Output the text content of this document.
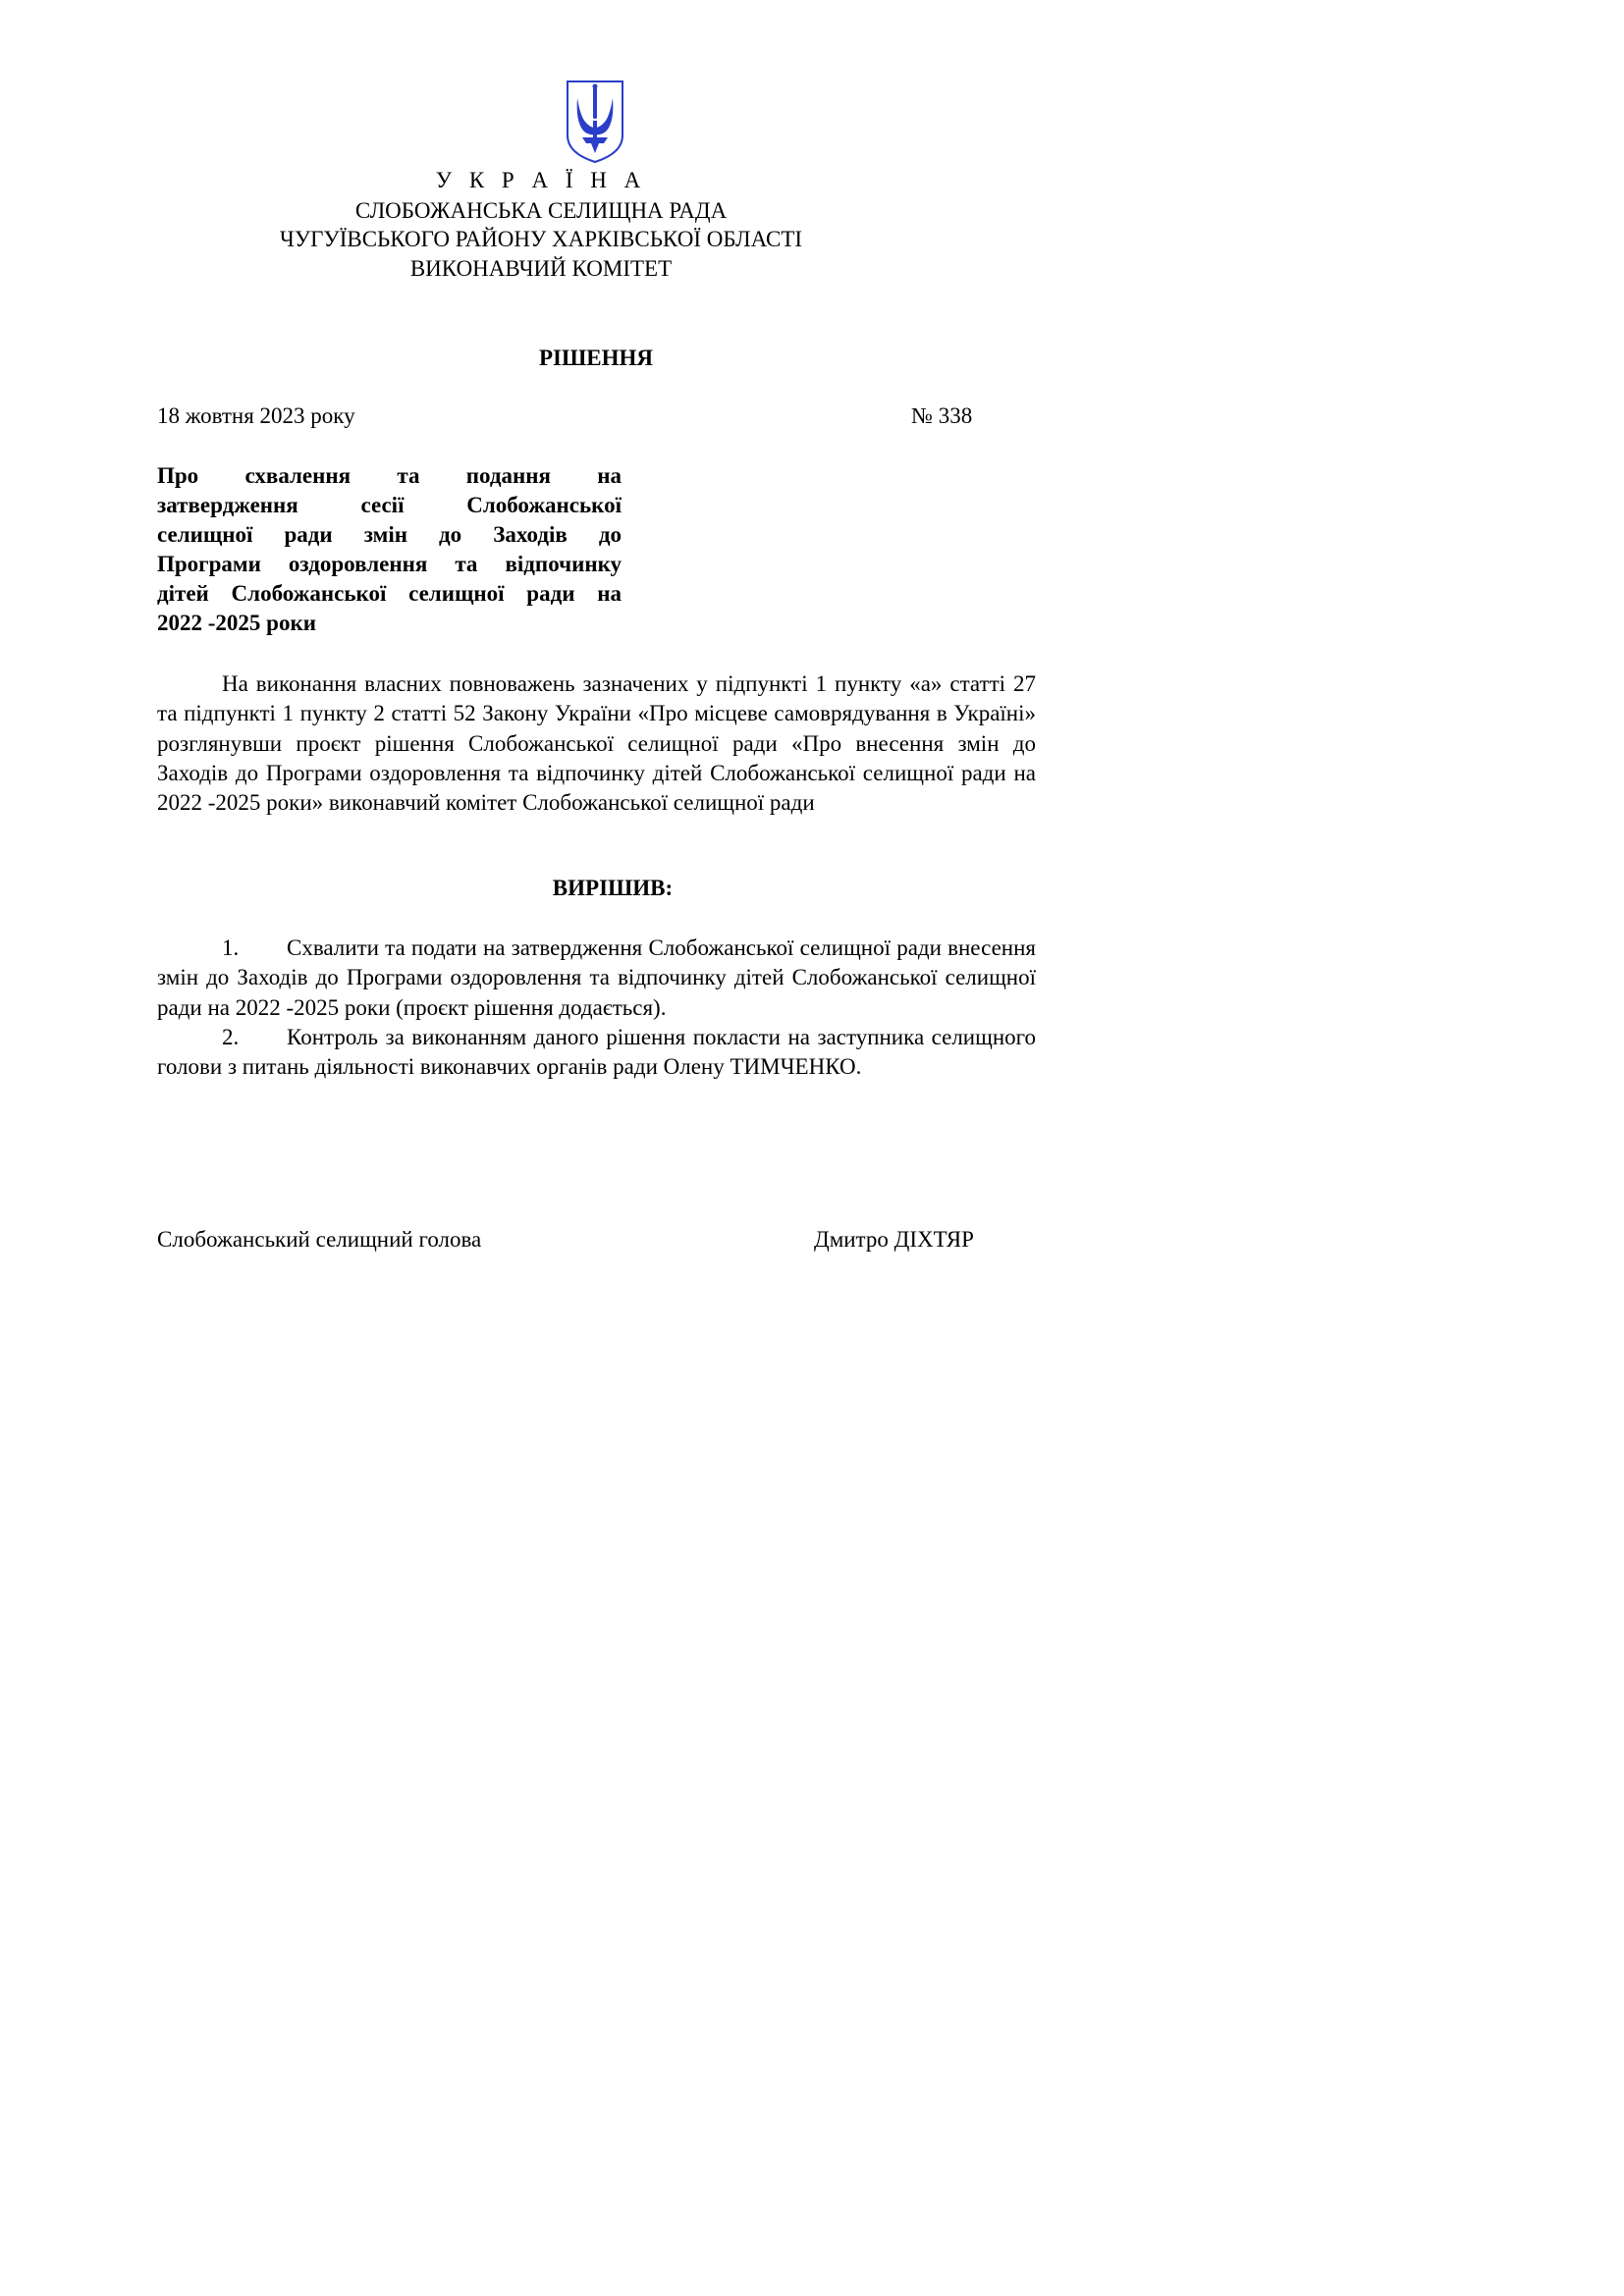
У К Р А Ї Н А
СЛОБОЖАНСЬКА СЕЛИЩНА РАДА
ЧУГУЇВСЬКОГО РАЙОНУ ХАРКІВСЬКОЇ ОБЛАСТІ
ВИКОНАВЧИЙ КОМІТЕТ
РІШЕННЯ
18 жовтня 2023 року	№ 338
Про схвалення та подання на
затвердження сесії Слобожанської
селищної ради змін до Заходів до
Програми оздоровлення та відпочинку
дітей Слобожанської селищної ради на
2022 -2025 роки
На виконання власних повноважень зазначених у підпункті 1 пункту «а» статті 27 та підпункті 1 пункту 2 статті 52 Закону України «Про місцеве самоврядування в Україні» розглянувши проєкт рішення Слобожанської селищної ради «Про внесення змін до Заходів до Програми оздоровлення та відпочинку дітей Слобожанської селищної ради на 2022 -2025 роки» виконавчий комітет Слобожанської селищної ради
ВИРІШИВ:

1. Схвалити та подати на затвердження Слобожанської селищної ради внесення змін до Заходів до Програми оздоровлення та відпочинку дітей Слобожанської селищної ради на 2022 -2025 роки (проєкт рішення додається).

2. Контроль за виконанням даного рішення покласти на заступника селищного голови з питань діяльності виконавчих органів ради Олену ТИМЧЕНКО.

Слобожанський селищний голова	Дмитро ДІХТЯР
